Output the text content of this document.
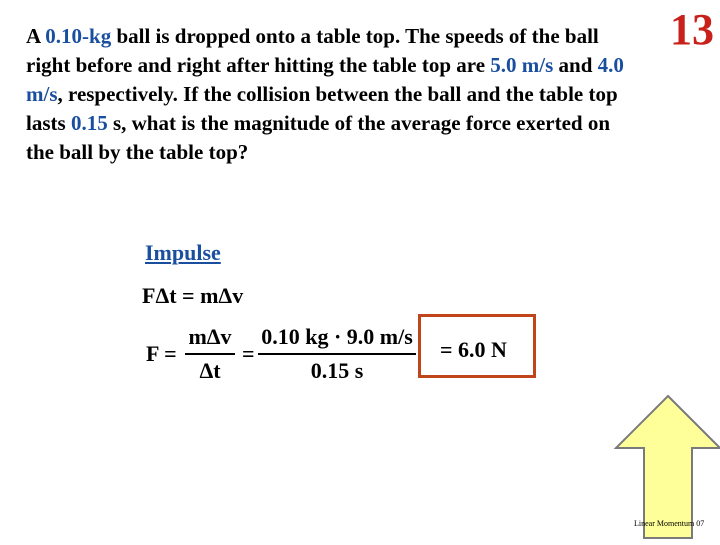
A 0.10-kg ball is dropped onto a table top. The speeds of the ball right before and right after hitting the table top are 5.0 m/s and 4.0 m/s, respectively. If the collision between the ball and the table top lasts 0.15 s, what is the magnitude of the average force exerted on the ball by the table top?

13
Impulse
FΔt = mΔv
F =
mΔv
Δt
= $\frac{0.10 kg \cdot 9.0 m/s}{0.15 s} = 6.0$ N
Linear Momentum 07
